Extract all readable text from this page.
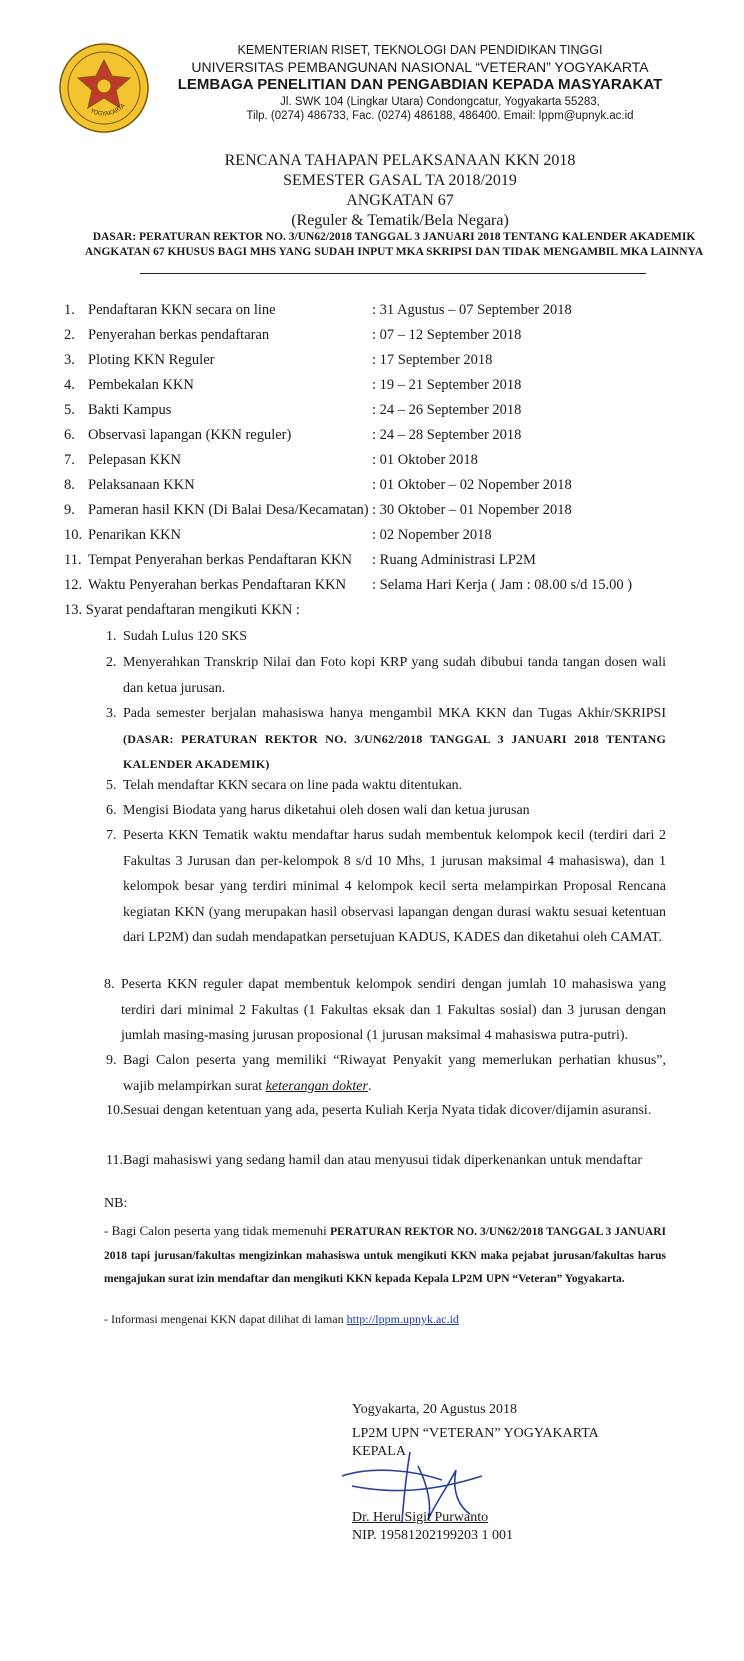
YOGYAKARTA
KEMENTERIAN RISET, TEKNOLOGI DAN PENDIDIKAN TINGGI
UNIVERSITAS PEMBANGUNAN NASIONAL “VETERAN” YOGYAKARTA
LEMBAGA PENELITIAN DAN PENGABDIAN KEPADA MASYARAKAT
Jl. SWK 104 (Lingkar Utara) Condongcatur, Yogyakarta 55283,
Tilp. (0274) 486733, Fac. (0274) 486188, 486400. Email: lppm@upnyk.ac.id
RENCANA TAHAPAN PELAKSANAAN KKN 2018
SEMESTER GASAL TA 2018/2019
ANGKATAN 67
(Reguler & Tematik/Bela Negara)
DASAR: PERATURAN REKTOR NO. 3/UN62/2018 TANGGAL 3 JANUARI 2018 TENTANG KALENDER AKADEMIK ANGKATAN 67 KHUSUS BAGI MHS YANG SUDAH INPUT MKA SKRIPSI DAN TIDAK MENGAMBIL MKA LAINNYA
1. Pendaftaran KKN secara on line	: 31 Agustus – 07 September 2018
2. Penyerahan berkas pendaftaran	: 07 – 12 September 2018
3. Ploting KKN Reguler	: 17 September 2018
4. Pembekalan KKN	: 19 – 21 September 2018
5. Bakti Kampus	: 24 – 26 September 2018
6. Observasi lapangan (KKN reguler)	: 24 – 28 September 2018
7. Pelepasan KKN	: 01 Oktober 2018
8. Pelaksanaan KKN	: 01 Oktober – 02 Nopember 2018
9. Pameran hasil KKN (Di Balai Desa/Kecamatan) : 30 Oktober – 01 Nopember 2018
10. Penarikan KKN	: 02 Nopember 2018
11. Tempat Penyerahan berkas Pendaftaran KKN : Ruang Administrasi LP2M
12. Waktu Penyerahan berkas Pendaftaran KKN : Selama Hari Kerja ( Jam : 08.00 s/d 15.00 )
13. Syarat pendaftaran mengikuti KKN :
1. Sudah Lulus 120 SKS
2. Menyerahkan Transkrip Nilai dan Foto kopi KRP yang sudah dibubui tanda tangan dosen wali dan ketua jurusan.
3. Pada semester berjalan mahasiswa hanya mengambil MKA KKN dan Tugas Akhir/SKRIPSI (DASAR: PERATURAN REKTOR NO. 3/UN62/2018 TANGGAL 3 JANUARI 2018 TENTANG KALENDER AKADEMIK)
5. Telah mendaftar KKN secara on line pada waktu ditentukan.
6. Mengisi Biodata yang harus diketahui oleh dosen wali dan ketua jurusan
7. Peserta KKN Tematik waktu mendaftar harus sudah membentuk kelompok kecil (terdiri dari 2 Fakultas 3 Jurusan dan per-kelompok 8 s/d 10 Mhs, 1 jurusan maksimal 4 mahasiswa), dan 1 kelompok besar yang terdiri minimal 4 kelompok kecil serta melampirkan Proposal Rencana kegiatan KKN (yang merupakan hasil observasi lapangan dengan durasi waktu sesuai ketentuan dari LP2M) dan sudah mendapatkan persetujuan KADUS, KADES dan diketahui oleh CAMAT.
8. Peserta KKN reguler dapat membentuk kelompok sendiri dengan jumlah 10 mahasiswa yang terdiri dari minimal 2 Fakultas (1 Fakultas eksak dan 1 Fakultas sosial) dan 3 jurusan dengan jumlah masing-masing jurusan proposional (1 jurusan maksimal 4 mahasiswa putra-putri).
9. Bagi Calon peserta yang memiliki “Riwayat Penyakit yang memerlukan perhatian khusus”, wajib melampirkan surat keterangan dokter.
10. Sesuai dengan ketentuan yang ada, peserta Kuliah Kerja Nyata tidak dicover/dijamin asuransi.
11. Bagi mahasiswi yang sedang hamil dan atau menyusui tidak diperkenankan untuk mendaftar
NB:
- Bagi Calon peserta yang tidak memenuhi PERATURAN REKTOR NO. 3/UN62/2018 TANGGAL 3 JANUARI 2018 tapi jurusan/fakultas mengizinkan mahasiswa untuk mengikuti KKN maka pejabat jurusan/fakultas harus mengajukan surat izin mendaftar dan mengikuti KKN kepada Kepala LP2M UPN “Veteran” Yogyakarta.
- Informasi mengenai KKN dapat dilihat di laman http://lppm.upnyk.ac.id
Yogyakarta, 20 Agustus 2018
LP2M UPN “VETERAN” YOGYAKARTA
KEPALA
Dr. Heru Sigit Purwanto
NIP. 19581202199203 1 001
